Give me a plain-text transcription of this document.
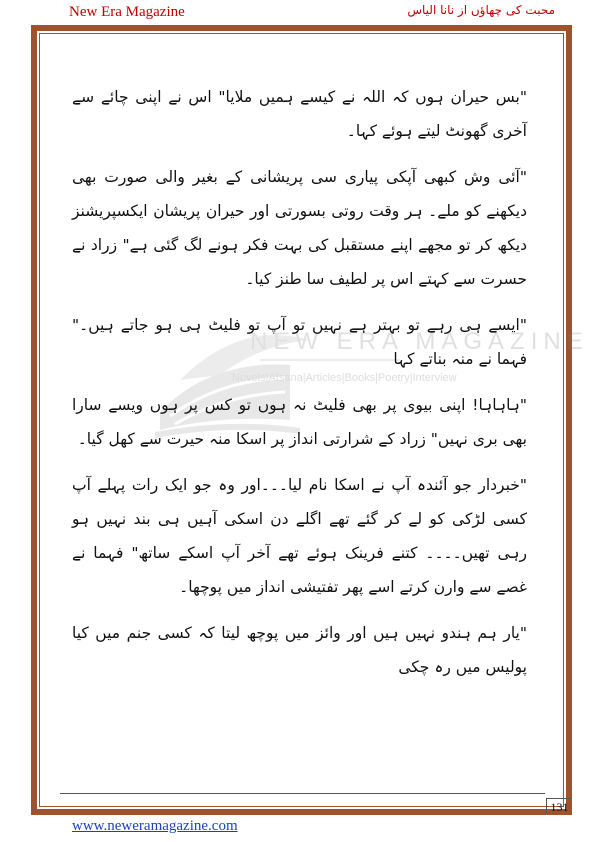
New Era Magazine	محبت کی چھاؤں از نانا الیاس
NEW ERA MAGAZINE
Novels|Afsana|Articles|Books|Poetry|Interview

"بس حیران ہوں کہ اللہ نے کیسے ہمیں ملایا" اس نے اپنی چائے سے آخری گھونٹ لیتے ہوئے کہا۔

"آئی وش کبھی آپکی پیاری سی پریشانی کے بغیر والی صورت بھی دیکھنے کو ملے۔ ہر وقت روتی بسورتی اور حیران پریشان ایکسپریشنز دیکھ کر تو مجھے اپنے مستقبل کی بہت فکر ہونے لگ گئی ہے" زراد نے حسرت سے کہتے اس پر لطیف سا طنز کیا۔

"ایسے ہی رہے تو بہتر ہے نہیں تو آپ تو فلیٹ ہی ہو جاتے ہیں۔" فہما نے منہ بناتے کہا

"ہاہاہا! اپنی بیوی پر بھی فلیٹ نہ ہوں تو کس پر ہوں ویسے سارا بھی بری نہیں" زراد کے شرارتی انداز پر اسکا منہ حیرت سے کھل گیا۔

"خبردار جو آئندہ آپ نے اسکا نام لیا۔۔۔اور وہ جو ایک رات پہلے آپ کسی لڑکی کو لے کر گئے تھے اگلے دن اسکی آہیں ہی بند نہیں ہو رہی تھیں۔۔۔۔ کتنے فرینک ہوئے تھے آخر آپ اسکے ساتھ" فہما نے غصے سے وارن کرتے اسے پھر تفتیشی انداز میں پوچھا۔

"یار ہم ہندو نہیں ہیں اور وائز میں پوچھ لیتا کہ کسی جنم میں کیا پولیس میں رہ چکی

131
www.neweramagazine.com
